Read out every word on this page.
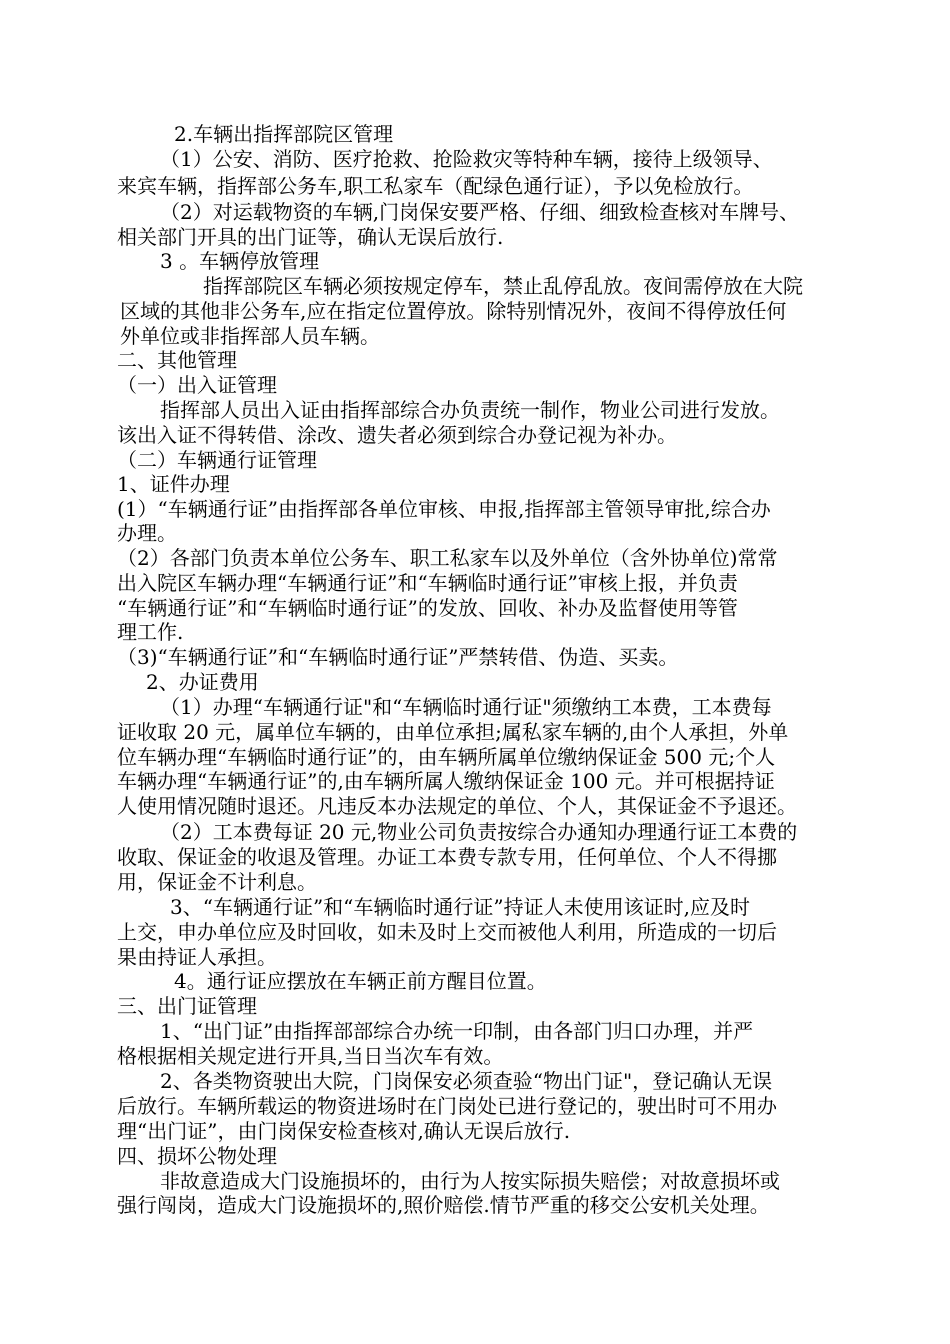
2.车辆出指挥部院区管理
（1）公安、消防、医疗抢救、抢险救灾等特种车辆，接待上级领导、
来宾车辆，指挥部公务车,职工私家车（配绿色通行证），予以免检放行。
（2）对运载物资的车辆,门岗保安要严格、仔细、细致检查核对车牌号、
相关部门开具的出门证等，确认无误后放行.
3 。车辆停放管理
指挥部院区车辆必须按规定停车，禁止乱停乱放。夜间需停放在大院
区域的其他非公务车,应在指定位置停放。除特别情况外，夜间不得停放任何
外单位或非指挥部人员车辆。
二、其他管理
（一）出入证管理
指挥部人员出入证由指挥部综合办负责统一制作，物业公司进行发放。
该出入证不得转借、涂改、遗失者必须到综合办登记视为补办。
（二）车辆通行证管理
1、证件办理
(1）“车辆通行证”由指挥部各单位审核、申报,指挥部主管领导审批,综合办
办理。
（2）各部门负责本单位公务车、职工私家车以及外单位（含外协单位)常常
出入院区车辆办理“车辆通行证”和“车辆临时通行证”审核上报，并负责
“车辆通行证”和“车辆临时通行证”的发放、回收、补办及监督使用等管
理工作.
（3)“车辆通行证”和“车辆临时通行证”严禁转借、伪造、买卖。
2、办证费用
（1）办理“车辆通行证"和“车辆临时通行证"须缴纳工本费，工本费每
证收取 20 元，属单位车辆的，由单位承担;属私家车辆的,由个人承担，外单
位车辆办理“车辆临时通行证”的，由车辆所属单位缴纳保证金 500 元;个人
车辆办理“车辆通行证”的,由车辆所属人缴纳保证金 100 元。并可根据持证
人使用情况随时退还。凡违反本办法规定的单位、个人，其保证金不予退还。
（2）工本费每证 20 元,物业公司负责按综合办通知办理通行证工本费的
收取、保证金的收退及管理。办证工本费专款专用，任何单位、个人不得挪
用，保证金不计利息。
3、“车辆通行证”和“车辆临时通行证”持证人未使用该证时,应及时
上交，申办单位应及时回收，如未及时上交而被他人利用，所造成的一切后
果由持证人承担。
4。通行证应摆放在车辆正前方醒目位置。
三、出门证管理
1、“出门证”由指挥部部综合办统一印制，由各部门归口办理，并严
格根据相关规定进行开具,当日当次车有效。
2、各类物资驶出大院，门岗保安必须查验“物出门证"，登记确认无误
后放行。车辆所载运的物资进场时在门岗处已进行登记的，驶出时可不用办
理“出门证”，由门岗保安检查核对,确认无误后放行.
四、损坏公物处理
非故意造成大门设施损坏的，由行为人按实际损失赔偿；对故意损坏或
强行闯岗，造成大门设施损坏的,照价赔偿.情节严重的移交公安机关处理。
